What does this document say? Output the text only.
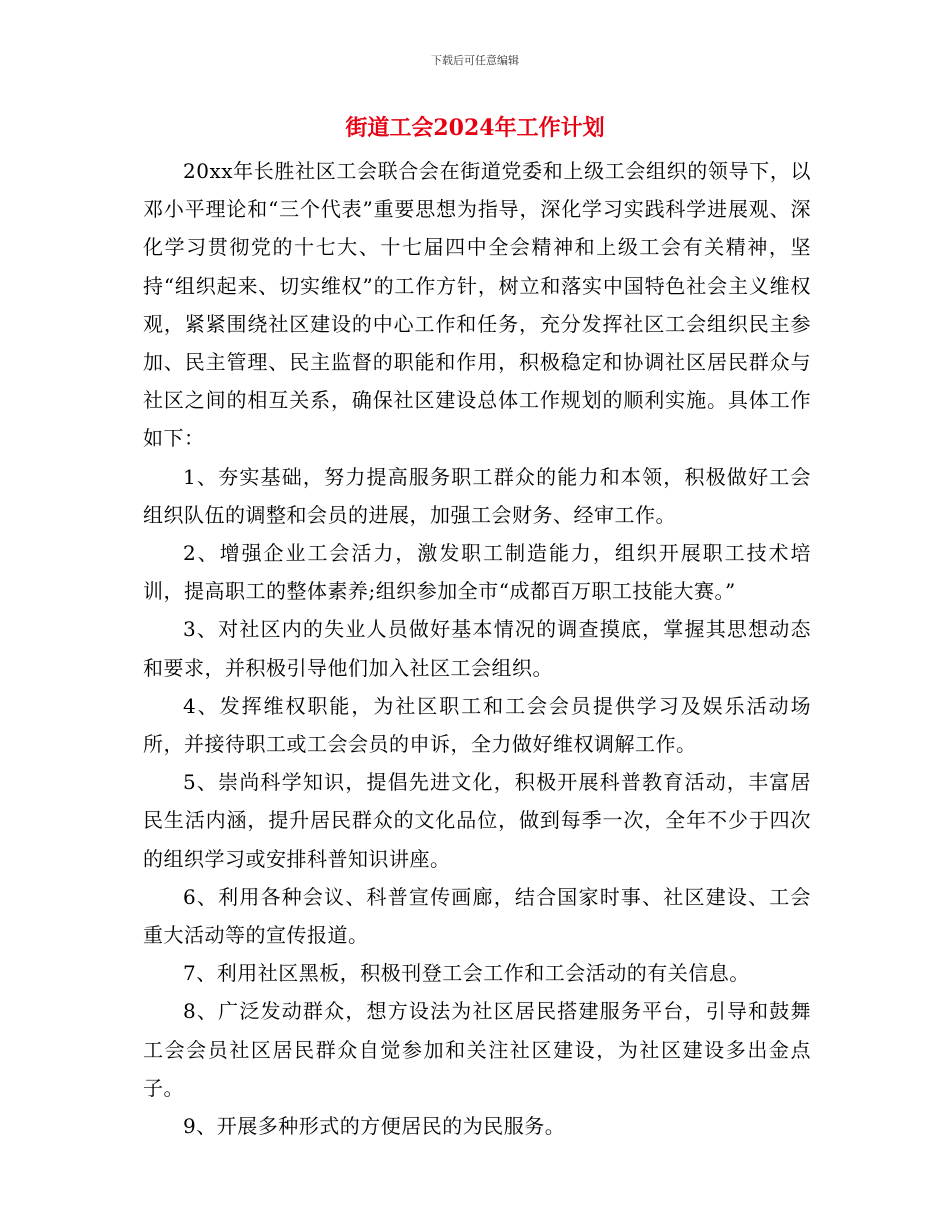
下载后可任意编辑
街道工会2024年工作计划

20xx年长胜社区工会联合会在街道党委和上级工会组织的领导下，以邓小平理论和“三个代表”重要思想为指导，深化学习实践科学进展观、深化学习贯彻党的十七大、十七届四中全会精神和上级工会有关精神，坚持“组织起来、切实维权”的工作方针，树立和落实中国特色社会主义维权观，紧紧围绕社区建设的中心工作和任务，充分发挥社区工会组织民主参加、民主管理、民主监督的职能和作用，积极稳定和协调社区居民群众与社区之间的相互关系，确保社区建设总体工作规划的顺利实施。具体工作如下：

1、夯实基础，努力提高服务职工群众的能力和本领，积极做好工会组织队伍的调整和会员的进展，加强工会财务、经审工作。

2、增强企业工会活力，激发职工制造能力，组织开展职工技术培训，提高职工的整体素养;组织参加全市“成都百万职工技能大赛。”

3、对社区内的失业人员做好基本情况的调查摸底，掌握其思想动态和要求，并积极引导他们加入社区工会组织。

4、发挥维权职能，为社区职工和工会会员提供学习及娱乐活动场所，并接待职工或工会会员的申诉，全力做好维权调解工作。

5、崇尚科学知识，提倡先进文化，积极开展科普教育活动，丰富居民生活内涵，提升居民群众的文化品位，做到每季一次，全年不少于四次的组织学习或安排科普知识讲座。

6、利用各种会议、科普宣传画廊，结合国家时事、社区建设、工会重大活动等的宣传报道。

7、利用社区黑板，积极刊登工会工作和工会活动的有关信息。

8、广泛发动群众，想方设法为社区居民搭建服务平台，引导和鼓舞工会会员社区居民群众自觉参加和关注社区建设，为社区建设多出金点子。

9、开展多种形式的方便居民的为民服务。
